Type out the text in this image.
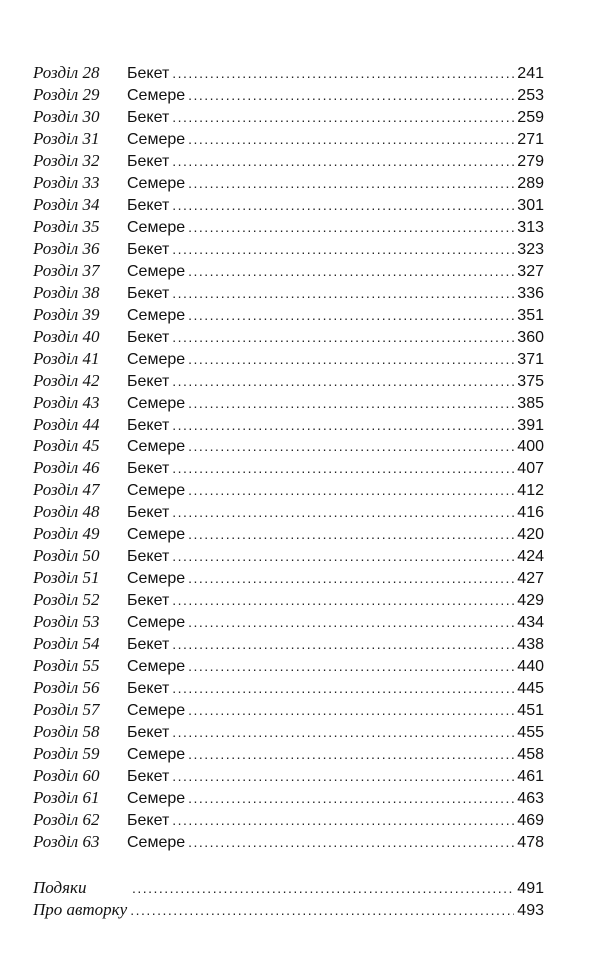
Розділ 28	Бекет . . .	241
Розділ 29	Семере . . .	253
Розділ 30	Бекет . . .	259
Розділ 31	Семере . . .	271
Розділ 32	Бекет . . .	279
Розділ 33	Семере . . .	289
Розділ 34	Бекет . . .	301
Розділ 35	Семере . . .	313
Розділ 36	Бекет . . .	323
Розділ 37	Семере . . .	327
Розділ 38	Бекет . . .	336
Розділ 39	Семере . . .	351
Розділ 40	Бекет . . .	360
Розділ 41	Семере . . .	371
Розділ 42	Бекет . . .	375
Розділ 43	Семере . . .	385
Розділ 44	Бекет . . .	391
Розділ 45	Семере . . .	400
Розділ 46	Бекет . . .	407
Розділ 47	Семере . . .	412
Розділ 48	Бекет . . .	416
Розділ 49	Семере . . .	420
Розділ 50	Бекет . . .	424
Розділ 51	Семере . . .	427
Розділ 52	Бекет . . .	429
Розділ 53	Семере . . .	434
Розділ 54	Бекет . . .	438
Розділ 55	Семере . . .	440
Розділ 56	Бекет . . .	445
Розділ 57	Семере . . .	451
Розділ 58	Бекет . . .	455
Розділ 59	Семере . . .	458
Розділ 60	Бекет . . .	461
Розділ 61	Семере . . .	463
Розділ 62	Бекет . . .	469
Розділ 63	Семере . . .	478
Подяки . . .	491
Про авторку . . .	493
